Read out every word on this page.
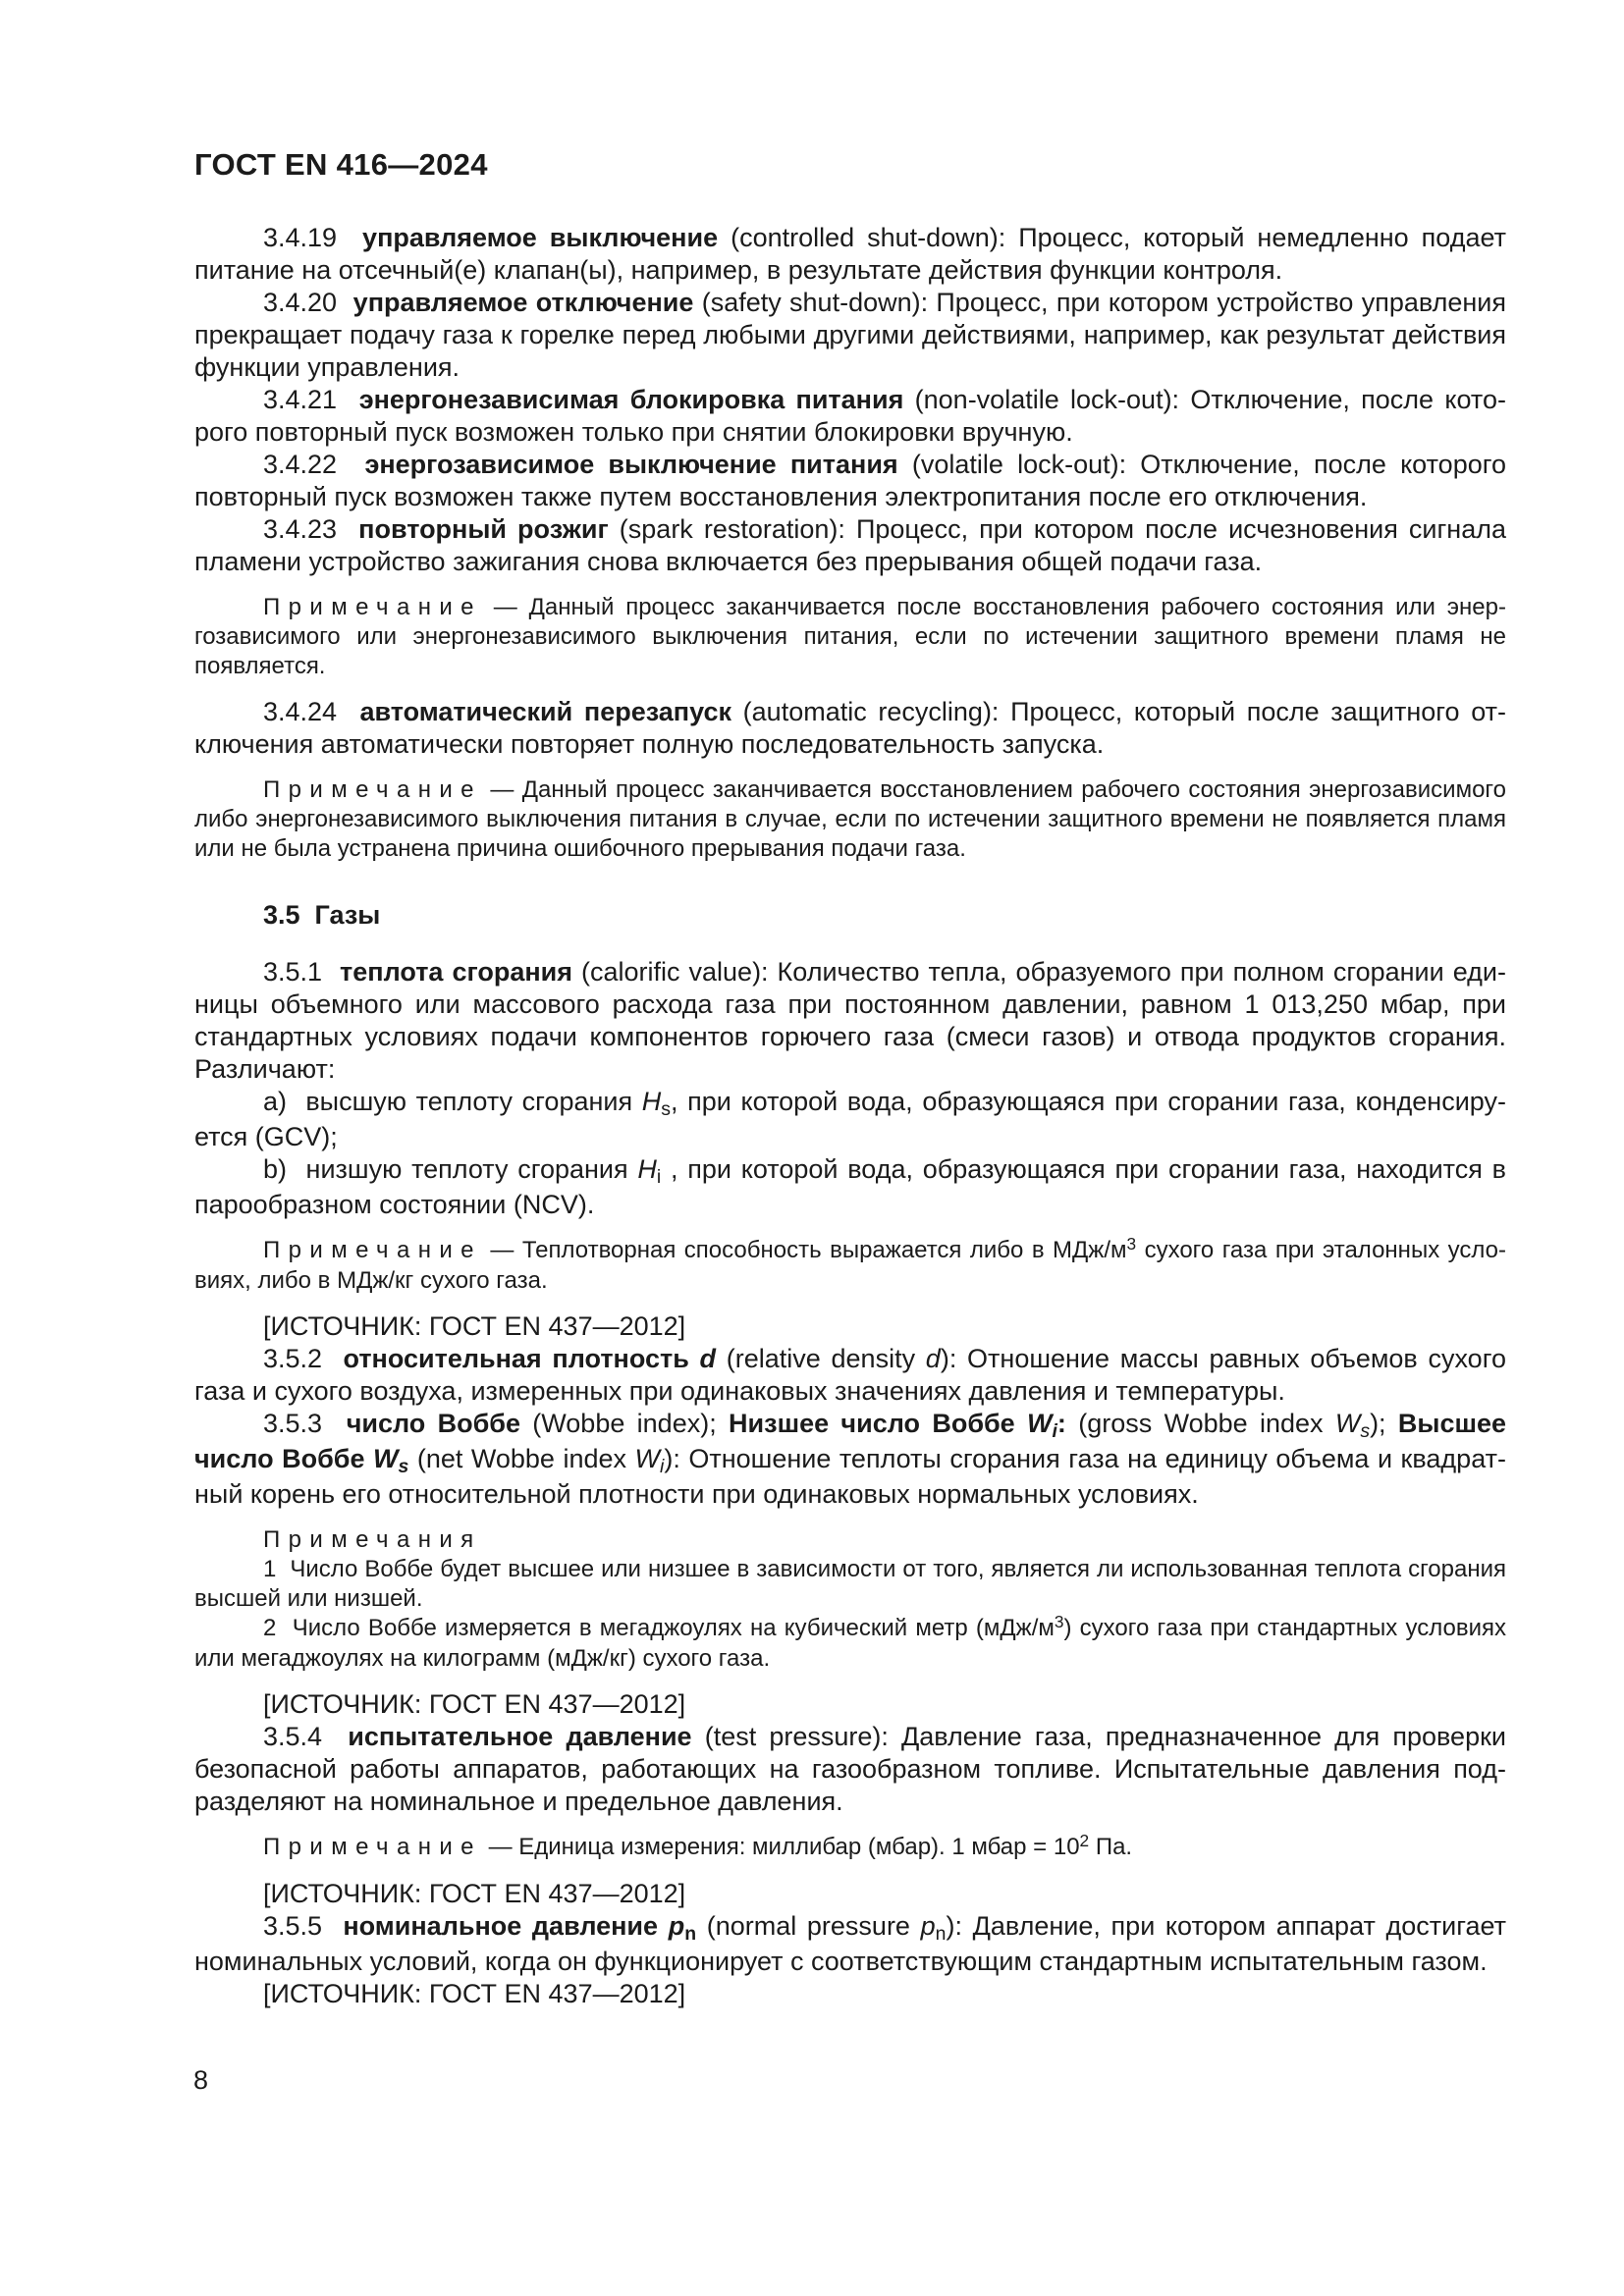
ГОСТ EN 416—2024

3.4.19  управляемое выключение (controlled shut-down): Процесс, который немедленно подает питание на отсечный(е) клапан(ы), например, в результате действия функции контроля.

3.4.20  управляемое отключение (safety shut-down): Процесс, при котором устройство управления прекращает подачу газа к горелке перед любыми другими действиями, например, как результат действия функции управления.

3.4.21  энергонезависимая блокировка питания (non-volatile lock-out): Отключение, после которого повторный пуск возможен только при снятии блокировки вручную.

3.4.22  энергозависимое выключение питания (volatile lock-out): Отключение, после которого повторный пуск возможен также путем восстановления электропитания после его отключения.

3.4.23  повторный розжиг (spark restoration): Процесс, при котором после исчезновения сигнала пламени устройство зажигания снова включается без прерывания общей подачи газа.

Примечание — Данный процесс заканчивается после восстановления рабочего состояния или энергозависимого или энергонезависимого выключения питания, если по истечении защитного времени пламя не появляется.

3.4.24  автоматический перезапуск (automatic recycling): Процесс, который после защитного отключения автоматически повторяет полную последовательность запуска.

Примечание — Данный процесс заканчивается восстановлением рабочего состояния энергозависимого либо энергонезависимого выключения питания в случае, если по истечении защитного времени не появляется пламя или не была устранена причина ошибочного прерывания подачи газа.

3.5  Газы

3.5.1  теплота сгорания (calorific value): Количество тепла, образуемого при полном сгорании единицы объемного или массового расхода газа при постоянном давлении, равном 1 013,250 мбар, при стандартных условиях подачи компонентов горючего газа (смеси газов) и отвода продуктов сгорания. Различают:

a)  высшую теплоту сгорания Hs, при которой вода, образующаяся при сгорании газа, конденсируется (GCV);

b)  низшую теплоту сгорания Hi , при которой вода, образующаяся при сгорании газа, находится в парообразном состоянии (NCV).

Примечание — Теплотворная способность выражается либо в МДж/$м^3$ сухого газа при эталонных условиях, либо в МДж/кг сухого газа.

[ИСТОЧНИК: ГОСТ EN 437—2012]

3.5.2  относительная плотность d (relative density d): Отношение массы равных объемов сухого газа и сухого воздуха, измеренных при одинаковых значениях давления и температуры.

3.5.3  число Воббе (Wobbe index); Низшее число Воббе Wi: (gross Wobbe index Ws); Высшее число Воббе Ws (net Wobbe index Wi): Отношение теплоты сгорания газа на единицу объема и квадратный корень его относительной плотности при одинаковых нормальных условиях.

Примечания

1  Число Воббе будет высшее или низшее в зависимости от того, является ли использованная теплота сгорания высшей или низшей.

2  Число Воббе измеряется в мегаджоулях на кубический метр $(мДж/м^3)$ сухого газа при стандартных условиях или мегаджоулях на килограмм (мДж/кг) сухого газа.

[ИСТОЧНИК: ГОСТ EN 437—2012]

3.5.4  испытательное давление (test pressure): Давление газа, предназначенное для проверки безопасной работы аппаратов, работающих на газообразном топливе. Испытательные давления подразделяют на номинальное и предельное давления.

Примечание — Единица измерения: миллибар (мбар). 1 мбар = $10^2$ Па.

[ИСТОЧНИК: ГОСТ EN 437—2012]

3.5.5  номинальное давление pn (normal pressure pn): Давление, при котором аппарат достигает номинальных условий, когда он функционирует с соответствующим стандартным испытательным газом.

[ИСТОЧНИК: ГОСТ EN 437—2012]

8
